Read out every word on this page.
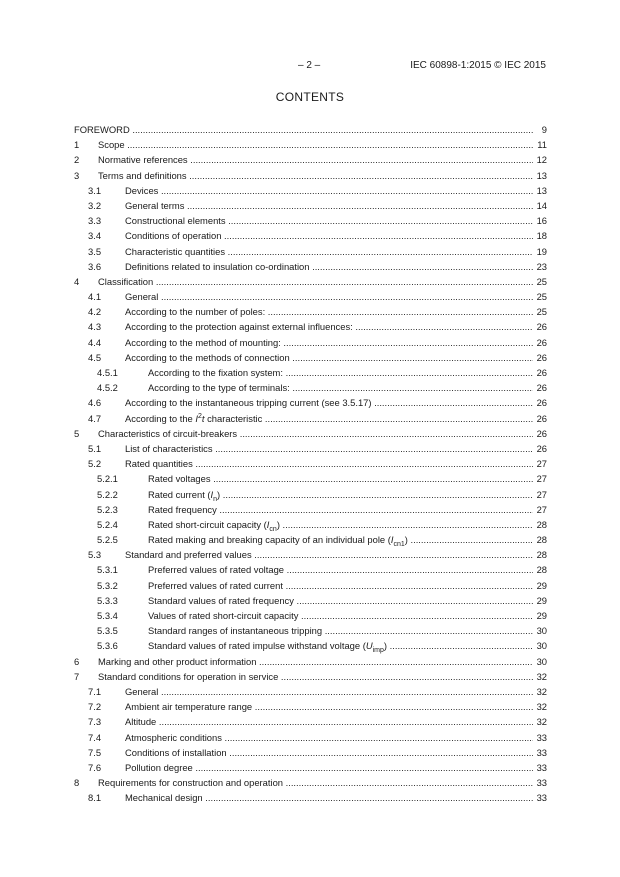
– 2 –	IEC 60898-1:2015 © IEC 2015
CONTENTS
FOREWORD .....	9
1 Scope .....	11
2 Normative references .....	12
3 Terms and definitions .....	13
3.1	Devices .....	13
3.2	General terms .....	14
3.3	Constructional elements .....	16
3.4	Conditions of operation .....	18
3.5	Characteristic quantities .....	19
3.6	Definitions related to insulation co-ordination .....	23
4 Classification .....	25
4.1	General .....	25
4.2	According to the number of poles: .....	25
4.3	According to the protection against external influences: .....	26
4.4	According to the method of mounting: .....	26
4.5	According to the methods of connection .....	26
4.5.1	According to the fixation system: .....	26
4.5.2	According to the type of terminals: .....	26
4.6	According to the instantaneous tripping current (see 3.5.17) .....	26
4.7	According to the $I^2t$ characteristic .....	26
5 Characteristics of circuit-breakers .....	26
5.1	List of characteristics .....	26
5.2	Rated quantities .....	27
5.2.1	Rated voltages .....	27
5.2.2	Rated current $(I_n)$ .....	27
5.2.3	Rated frequency .....	27
5.2.4	Rated short-circuit capacity $(I_{cn})$ .....	28
5.2.5	Rated making and breaking capacity of an individual pole $(I_{cn1})$ .....	28
5.3	Standard and preferred values .....	28
5.3.1	Preferred values of rated voltage .....	28
5.3.2	Preferred values of rated current .....	29
5.3.3	Standard values of rated frequency .....	29
5.3.4	Values of rated short-circuit capacity .....	29
5.3.5	Standard ranges of instantaneous tripping .....	30
5.3.6	Standard values of rated impulse withstand voltage $(U_{imp})$ .....	30
6 Marking and other product information .....	30
7 Standard conditions for operation in service .....	32
7.1	General .....	32
7.2	Ambient air temperature range .....	32
7.3	Altitude .....	32
7.4	Atmospheric conditions .....	33
7.5	Conditions of installation .....	33
7.6	Pollution degree .....	33
8 Requirements for construction and operation .....	33
8.1	Mechanical design .....	33
